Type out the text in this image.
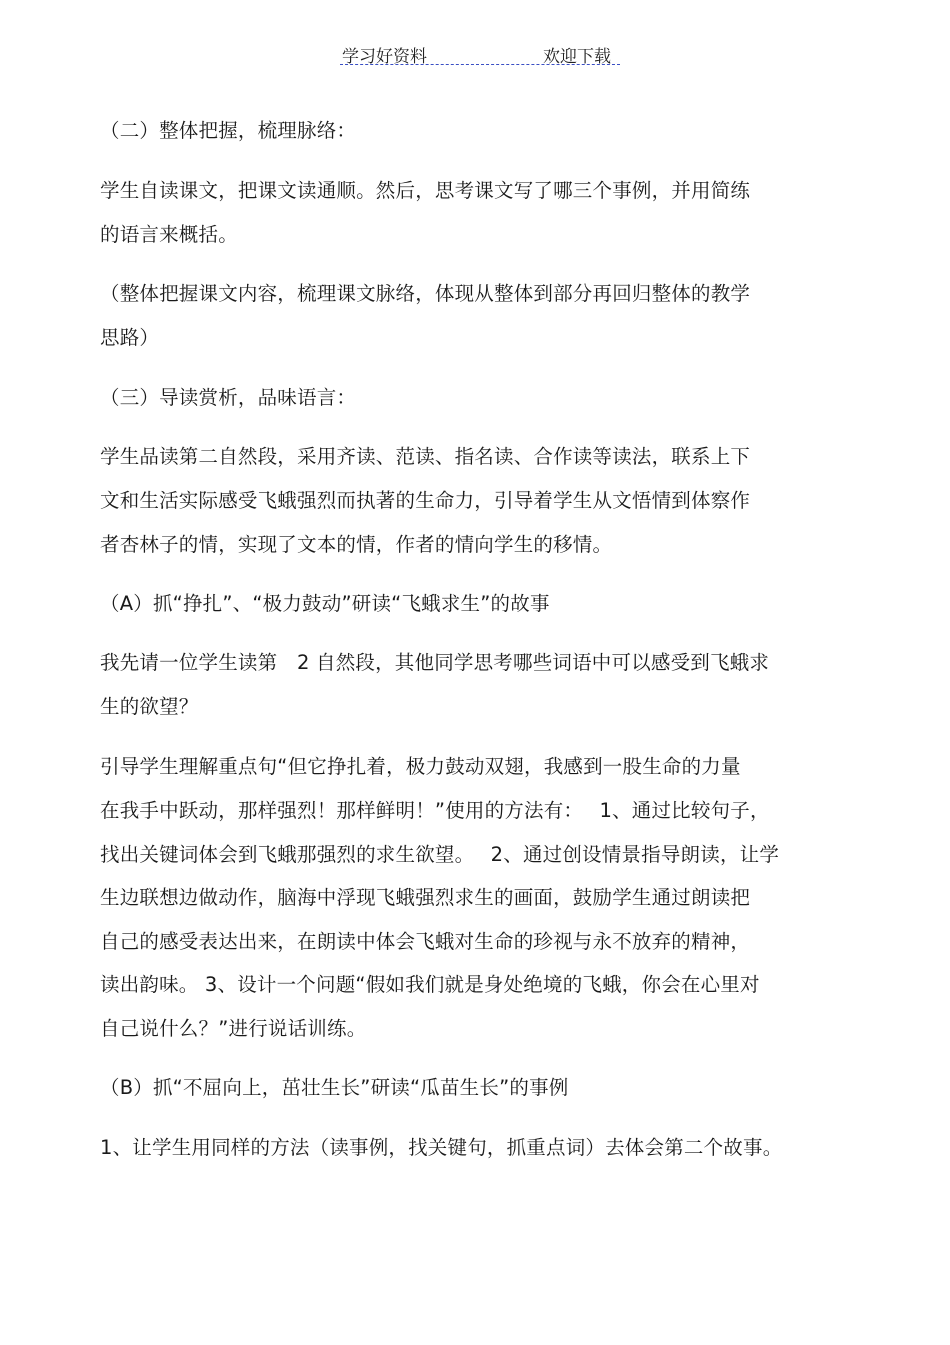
学习好资料	欢迎下载
（二）整体把握，梳理脉络：
学生自读课文，把课文读通顺。然后，思考课文写了哪三个事例，并用简练
的语言来概括。
（整体把握课文内容，梳理课文脉络，体现从整体到部分再回归整体的教学
思路）
（三）导读赏析，品味语言：
学生品读第二自然段，采用齐读、范读、指名读、合作读等读法，联系上下
文和生活实际感受飞蛾强烈而执著的生命力，引导着学生从文悟情到体察作
者杏林子的情，实现了文本的情，作者的情向学生的移情。
（A）抓“挣扎”、“极力鼓动”研读“飞蛾求生”的故事
我先请一位学生读第　2 自然段，其他同学思考哪些词语中可以感受到飞蛾求
生的欲望？
引导学生理解重点句“但它挣扎着，极力鼓动双翅，我感到一股生命的力量
在我手中跃动，那样强烈！那样鲜明！”使用的方法有：　 1、通过比较句子，
找出关键词体会到飞蛾那强烈的求生欲望。　 2、通过创设情景指导朗读，让学
生边联想边做动作，脑海中浮现飞蛾强烈求生的画面，鼓励学生通过朗读把
自己的感受表达出来，在朗读中体会飞蛾对生命的珍视与永不放弃的精神，
读出韵味。 3、设计一个问题“假如我们就是身处绝境的飞蛾，你会在心里对
自己说什么？”进行说话训练。
（B）抓“不屈向上，茁壮生长”研读“瓜苗生长”的事例
1、让学生用同样的方法（读事例，找关键句，抓重点词）去体会第二个故事。
